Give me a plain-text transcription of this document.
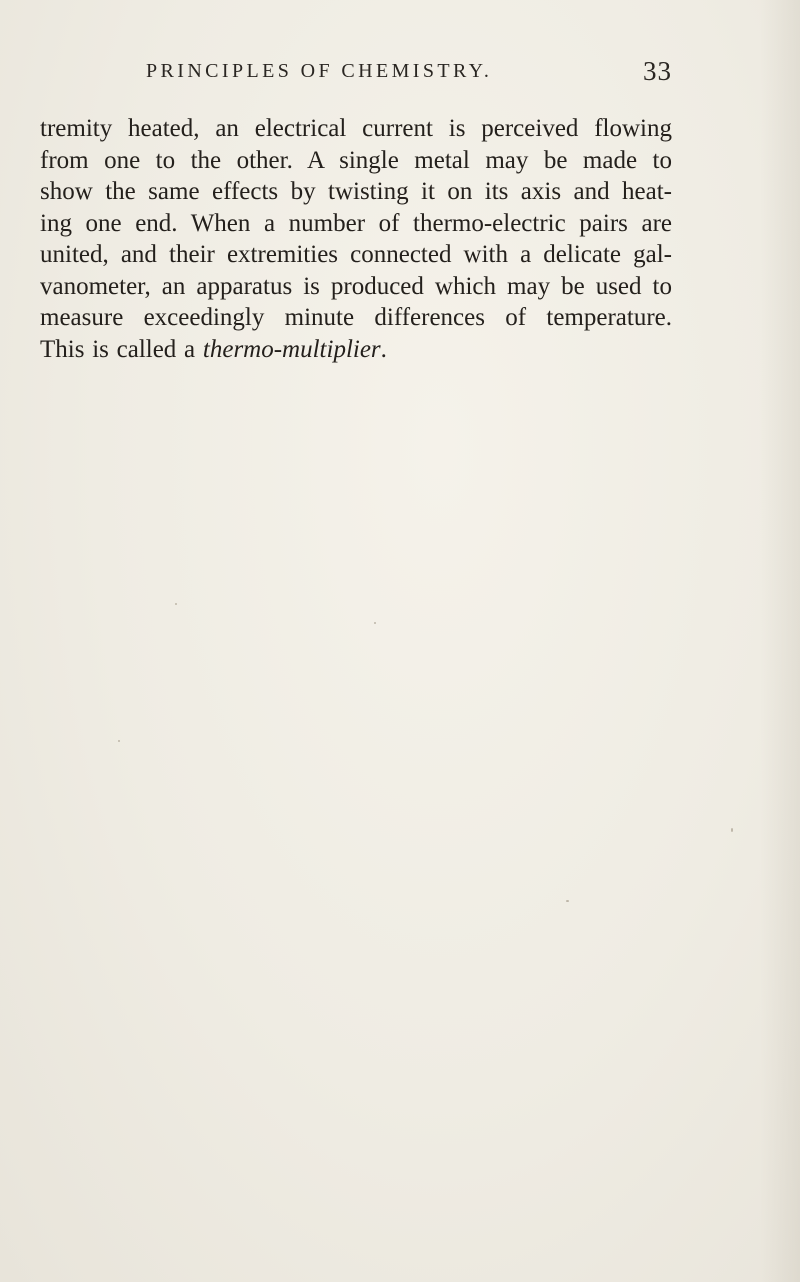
PRINCIPLES OF CHEMISTRY.	33
tremity heated, an electrical current is perceived flowing
from one to the other. A single metal may be made to
show the same effects by twisting it on its axis and heat-
ing one end. When a number of thermo-electric pairs are
united, and their extremities connected with a delicate gal-
vanometer, an apparatus is produced which may be used to
measure exceedingly minute differences of temperature.
This is called a thermo-multiplier.
